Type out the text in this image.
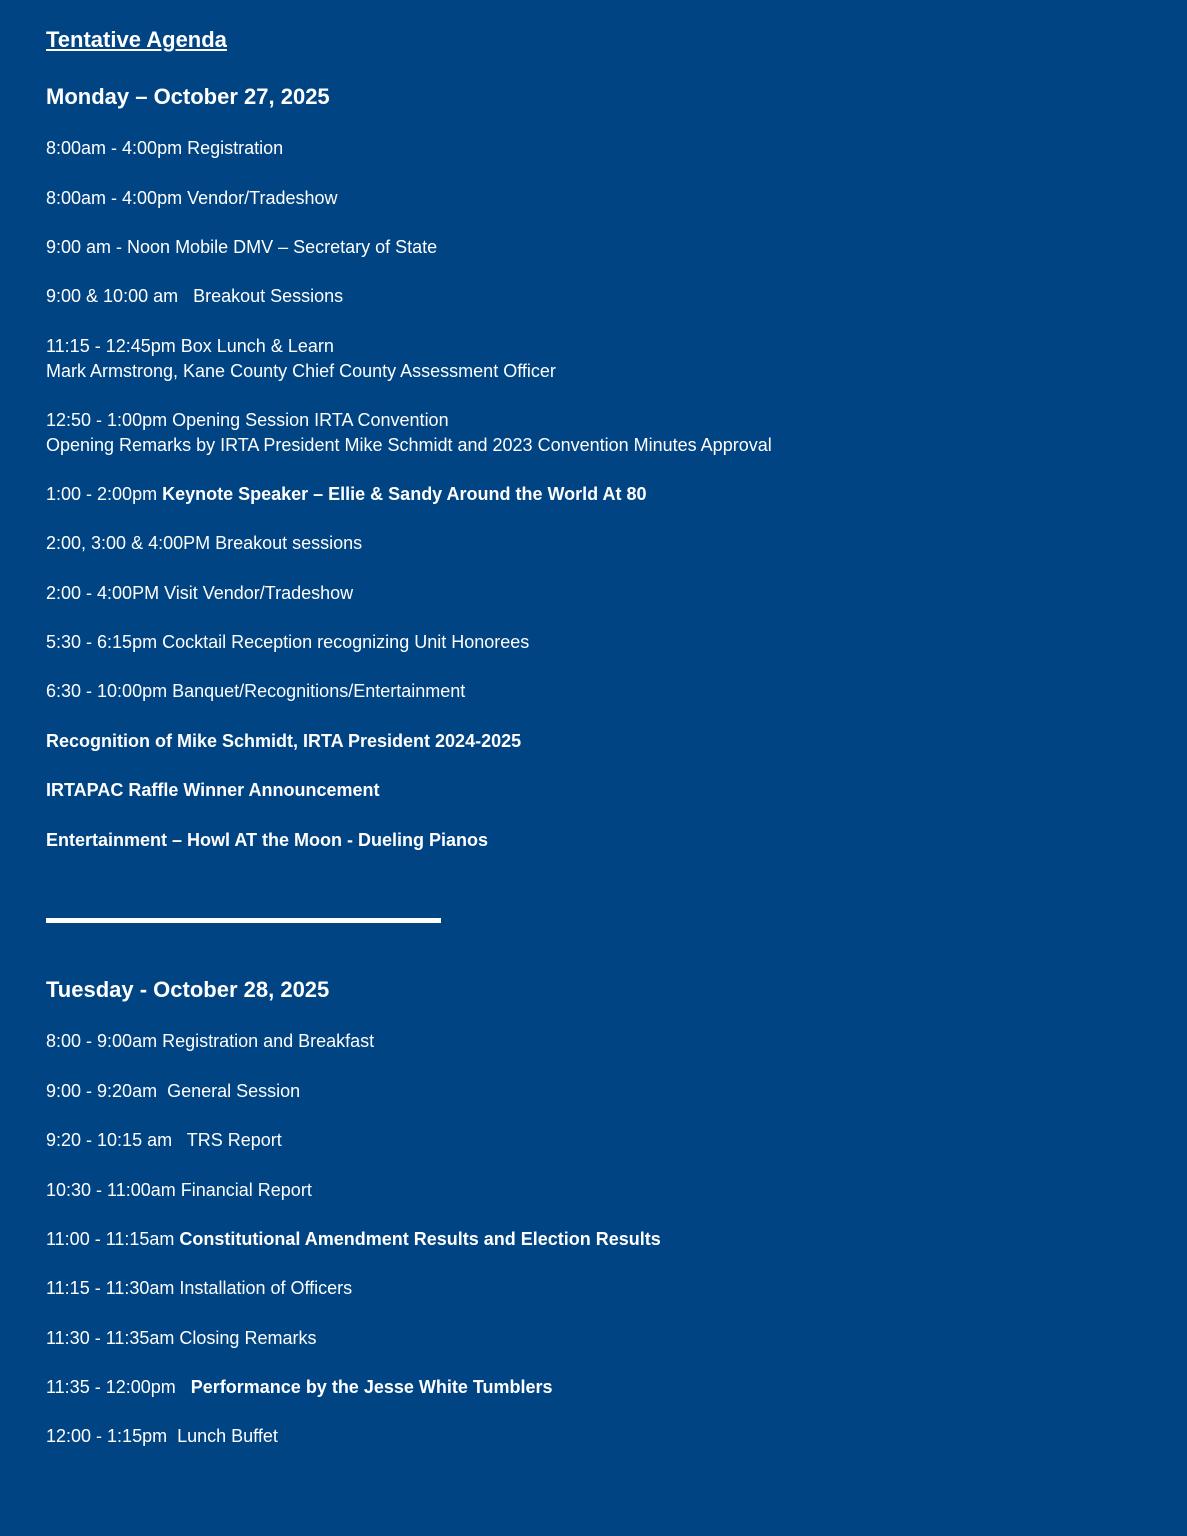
Tentative Agenda
Monday – October 27, 2025
8:00am - 4:00pm Registration
8:00am - 4:00pm Vendor/Tradeshow
9:00 am - Noon Mobile DMV – Secretary of State
9:00 & 10:00 am   Breakout Sessions
11:15 - 12:45pm Box Lunch & Learn
Mark Armstrong, Kane County Chief County Assessment Officer
12:50 - 1:00pm Opening Session IRTA Convention
Opening Remarks by IRTA President Mike Schmidt and 2023 Convention Minutes Approval
1:00 - 2:00pm Keynote Speaker – Ellie & Sandy Around the World At 80
2:00, 3:00 & 4:00PM Breakout sessions
2:00 - 4:00PM Visit Vendor/Tradeshow
5:30 - 6:15pm Cocktail Reception recognizing Unit Honorees
6:30 - 10:00pm Banquet/Recognitions/Entertainment
Recognition of Mike Schmidt, IRTA President 2024-2025
IRTAPAC Raffle Winner Announcement
Entertainment – Howl AT the Moon - Dueling Pianos
Tuesday - October 28, 2025
8:00 - 9:00am Registration and Breakfast
9:00 - 9:20am  General Session
9:20 - 10:15 am   TRS Report
10:30 - 11:00am Financial Report
11:00 - 11:15am Constitutional Amendment Results and Election Results
11:15 - 11:30am Installation of Officers
11:30 - 11:35am Closing Remarks
11:35 - 12:00pm   Performance by the Jesse White Tumblers
12:00 - 1:15pm  Lunch Buffet
